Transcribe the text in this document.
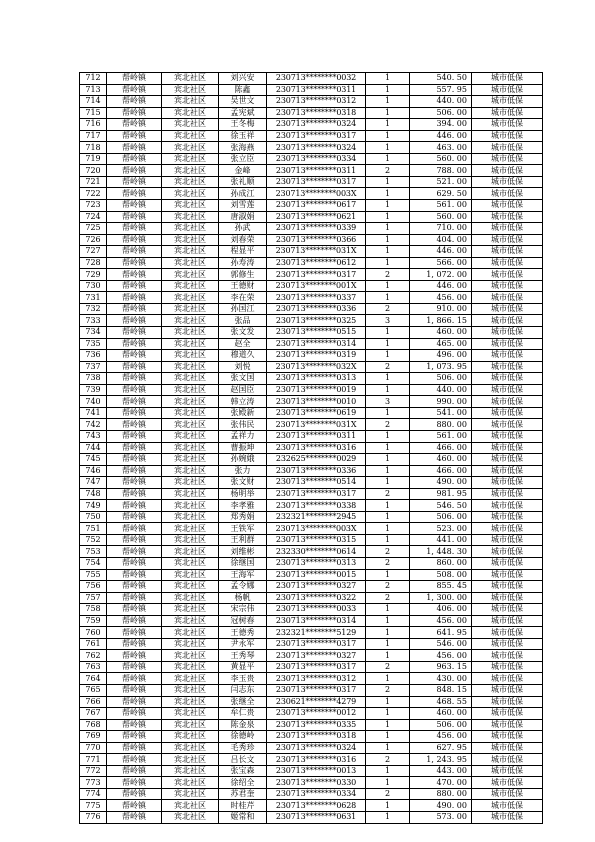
712	帮岭镇	宾北社区	刘兴安	230713********0032	1	540. 50	城市低保
713	帮岭镇	宾北社区	陈鑫	230713********0311	1	557. 95	城市低保
714	帮岭镇	宾北社区	吴世文	230713********0312	1	440. 00	城市低保
715	帮岭镇	宾北社区	孟宪斌	230713********0318	1	506. 00	城市低保
716	帮岭镇	宾北社区	王冬梅	230713********0324	1	394. 00	城市低保
717	帮岭镇	宾北社区	徐玉祥	230713********0317	1	446. 00	城市低保
718	帮岭镇	宾北社区	张海燕	230713********0324	1	463. 00	城市低保
719	帮岭镇	宾北社区	张立臣	230713********0334	1	560. 00	城市低保
720	帮岭镇	宾北社区	金峰	230713********0311	2	788. 00	城市低保
721	帮岭镇	宾北社区	张礼顺	230713********0317	1	521. 00	城市低保
722	帮岭镇	宾北社区	孙成江	230713********003X	1	629. 50	城市低保
723	帮岭镇	宾北社区	刘雪莲	230713********0617	1	561. 00	城市低保
724	帮岭镇	宾北社区	唐淑娟	230713********0621	1	560. 00	城市低保
725	帮岭镇	宾北社区	孙武	230713********0339	1	710. 00	城市低保
726	帮岭镇	宾北社区	刘春荣	230713********0366	1	404. 00	城市低保
727	帮岭镇	宾北社区	程显平	230713********031X	1	446. 00	城市低保
728	帮岭镇	宾北社区	孙寿涛	230713********0612	1	566. 00	城市低保
729	帮岭镇	宾北社区	郭修生	230713********0317	2	1, 072. 00	城市低保
730	帮岭镇	宾北社区	王德财	230713********001X	1	446. 00	城市低保
731	帮岭镇	宾北社区	李在荣	230713********0337	1	456. 00	城市低保
732	帮岭镇	宾北社区	孙国江	230713********0336	2	910. 00	城市低保
733	帮岭镇	宾北社区	张品	230713********0325	3	1, 866. 15	城市低保
734	帮岭镇	宾北社区	张文发	230713********0515	1	460. 00	城市低保
735	帮岭镇	宾北社区	赵全	230713********0314	1	465. 00	城市低保
736	帮岭镇	宾北社区	穆道久	230713********0319	1	496. 00	城市低保
737	帮岭镇	宾北社区	刘悦	230713********032X	2	1, 073. 95	城市低保
738	帮岭镇	宾北社区	张文国	230713********0313	1	506. 00	城市低保
739	帮岭镇	宾北社区	赵国臣	230713********0019	1	440. 00	城市低保
740	帮岭镇	宾北社区	韩立涛	230713********0010	3	990. 00	城市低保
741	帮岭镇	宾北社区	张殿新	230713********0619	1	541. 00	城市低保
742	帮岭镇	宾北社区	张伟民	230713********031X	2	880. 00	城市低保
743	帮岭镇	宾北社区	孟祥力	230713********0311	1	561. 00	城市低保
744	帮岭镇	宾北社区	曹振坤	230713********0316	1	466. 00	城市低保
745	帮岭镇	宾北社区	孙婉娥	232625********0029	1	460. 00	城市低保
746	帮岭镇	宾北社区	张力	230713********0336	1	466. 00	城市低保
747	帮岭镇	宾北社区	张文财	230713********0514	1	490. 00	城市低保
748	帮岭镇	宾北社区	杨明举	230713********0317	2	981. 95	城市低保
749	帮岭镇	宾北社区	李孝雅	230713********0338	1	546. 50	城市低保
750	帮岭镇	宾北社区	郑秀娟	232321********2945	1	506. 00	城市低保
751	帮岭镇	宾北社区	王铁军	230713********003X	1	523. 00	城市低保
752	帮岭镇	宾北社区	王利群	230713********0315	1	441. 00	城市低保
753	帮岭镇	宾北社区	刘维彬	232330********0614	2	1, 448. 30	城市低保
754	帮岭镇	宾北社区	徐继国	230713********0313	2	860. 00	城市低保
755	帮岭镇	宾北社区	王海军	230713********0015	1	508. 00	城市低保
756	帮岭镇	宾北社区	孟令娜	230713********0327	2	855. 45	城市低保
757	帮岭镇	宾北社区	杨帆	230713********0322	2	1, 300. 00	城市低保
758	帮岭镇	宾北社区	宋宗伟	230713********0033	1	406. 00	城市低保
759	帮岭镇	宾北社区	冠树春	230713********0314	1	456. 00	城市低保
760	帮岭镇	宾北社区	王德秀	232321********5129	1	641. 95	城市低保
761	帮岭镇	宾北社区	尹永军	230713********0317	1	546. 00	城市低保
762	帮岭镇	宾北社区	王秀琴	230713********0327	1	456. 00	城市低保
763	帮岭镇	宾北社区	黄显平	230713********0317	2	963. 15	城市低保
764	帮岭镇	宾北社区	李玉贵	230713********0312	1	430. 00	城市低保
765	帮岭镇	宾北社区	闫志东	230713********0317	2	848. 15	城市低保
766	帮岭镇	宾北社区	张继全	230621********4279	1	468. 55	城市低保
767	帮岭镇	宾北社区	牟仁贵	230713********0012	1	460. 00	城市低保
768	帮岭镇	宾北社区	陈金泉	230713********0335	1	506. 00	城市低保
769	帮岭镇	宾北社区	徐德岭	230713********0318	1	456. 00	城市低保
770	帮岭镇	宾北社区	毛秀珍	230713********0324	1	627. 95	城市低保
771	帮岭镇	宾北社区	吕长文	230713********0316	2	1, 243. 95	城市低保
772	帮岭镇	宾北社区	张宝森	230713********0013	1	443. 00	城市低保
773	帮岭镇	宾北社区	徐绍全	230713********0330	1	470. 00	城市低保
774	帮岭镇	宾北社区	苏君奎	230713********0334	2	880. 00	城市低保
775	帮岭镇	宾北社区	时桂芹	230713********0628	1	490. 00	城市低保
776	帮岭镇	宾北社区	姬常和	230713********0631	1	573. 00	城市低保
